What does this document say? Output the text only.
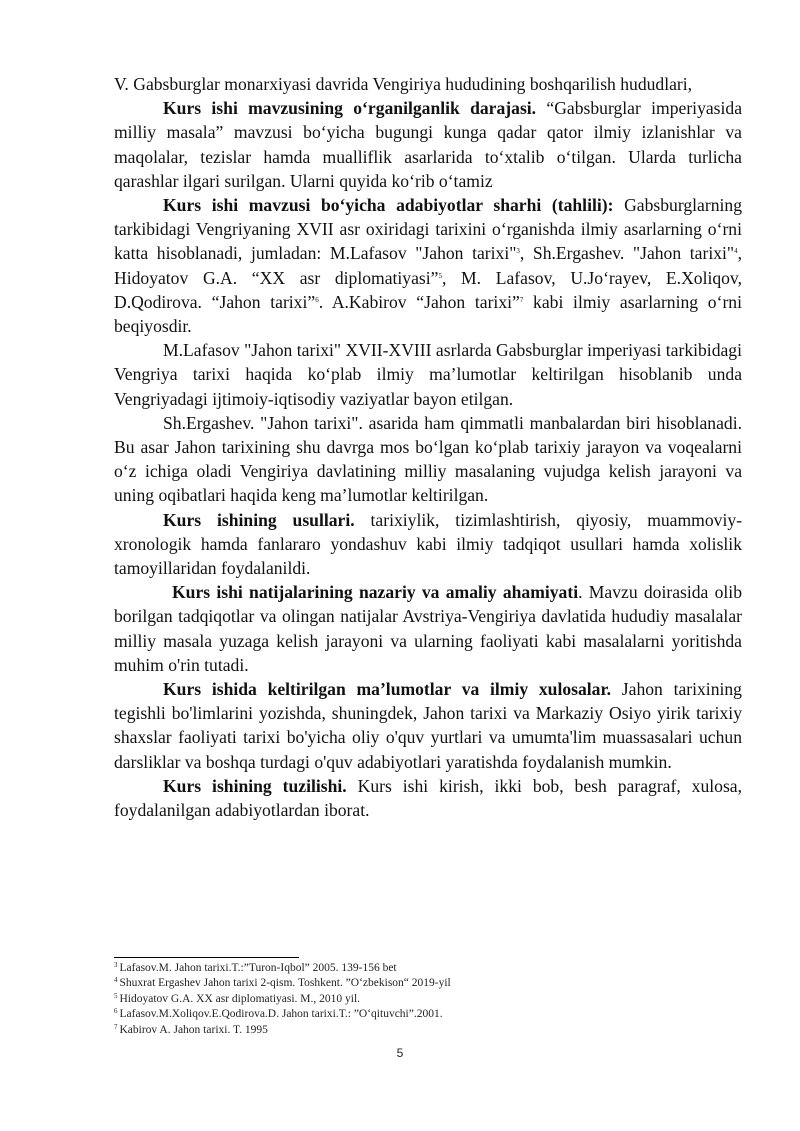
V. Gabsburglar monarxiyasi davrida Vengiriya hududining boshqarilish hududlari,

Kurs ishi mavzusining o‘rganilganlik darajasi. “Gabsburglar imperiyasida milliy masala” mavzusi bo‘yicha bugungi kunga qadar qator ilmiy izlanishlar va maqolalar, tezislar hamda mualliflik asarlarida to‘xtalib o‘tilgan. Ularda turlicha qarashlar ilgari surilgan. Ularni quyida ko‘rib o‘tamiz

Kurs ishi mavzusi bo‘yicha adabiyotlar sharhi (tahlili): Gabsburglarning tarkibidagi Vengriyaning XVII asr oxiridagi tarixini o‘rganishda ilmiy asarlarning o‘rni katta hisoblanadi, jumladan: M.Lafasov "Jahon tarixi"$^3$, Sh.Ergashev. "Jahon tarixi"$^4$, Hidoyatov G.A. “XX asr diplomatiyasi”$^5$, M. Lafasov, U.Jo‘rayev, E.Xoliqov, D.Qodirova. “Jahon tarixi”$^6$. A.Kabirov “Jahon tarixi”$^7$ kabi ilmiy asarlarning o‘rni beqiyosdir.

M.Lafasov "Jahon tarixi" XVII-XVIII asrlarda Gabsburglar imperiyasi tarkibidagi Vengriya tarixi haqida ko‘plab ilmiy ma’lumotlar keltirilgan hisoblanib unda Vengriyadagi ijtimoiy-iqtisodiy vaziyatlar bayon etilgan.

Sh.Ergashev. "Jahon tarixi". asarida ham qimmatli manbalardan biri hisoblanadi. Bu asar Jahon tarixining shu davrga mos bo‘lgan ko‘plab tarixiy jarayon va voqealarni o‘z ichiga oladi Vengiriya davlatining milliy masalaning vujudga kelish jarayoni va uning oqibatlari haqida keng ma’lumotlar keltirilgan.

Kurs ishining usullari. tarixiylik, tizimlashtirish, qiyosiy, muammoviy-xronologik hamda fanlararo yondashuv kabi ilmiy tadqiqot usullari hamda xolislik tamoyillaridan foydalanildi.

Kurs ishi natijalarining nazariy va amaliy ahamiyati. Mavzu doirasida olib borilgan tadqiqotlar va olingan natijalar Avstriya-Vengiriya davlatida hududiy masalalar milliy masala yuzaga kelish jarayoni va ularning faoliyati kabi masalalarni yoritishda muhim o'rin tutadi.

Kurs ishida keltirilgan ma’lumotlar va ilmiy xulosalar. Jahon tarixining tegishli bo'limlarini yozishda, shuningdek, Jahon tarixi va Markaziy Osiyo yirik tarixiy shaxslar faoliyati tarixi bo'yicha oliy o'quv yurtlari va umumta'lim muassasalari uchun darsliklar va boshqa turdagi o'quv adabiyotlari yaratishda foydalanish mumkin.

Kurs ishining tuzilishi. Kurs ishi kirish, ikki bob, besh paragraf, xulosa, foydalanilgan adabiyotlardan iborat.

$^3$ Lafasov.M. Jahon tarixi.T.:”Turon-Iqbol” 2005. 139-156 bet
$^4$ Shuxrat Ergashev Jahon tarixi 2-qism. Toshkent. ”O‘zbekison“ 2019-yil
$^5$ Hidoyatov G.A. XX asr diplomatiyasi. M., 2010 yil.
$^6$ Lafasov.M.Xoliqov.E.Qodirova.D. Jahon tarixi.T.: ”O‘qituvchi”.2001.
$^7$ Kabirov A. Jahon tarixi. T. 1995
5
